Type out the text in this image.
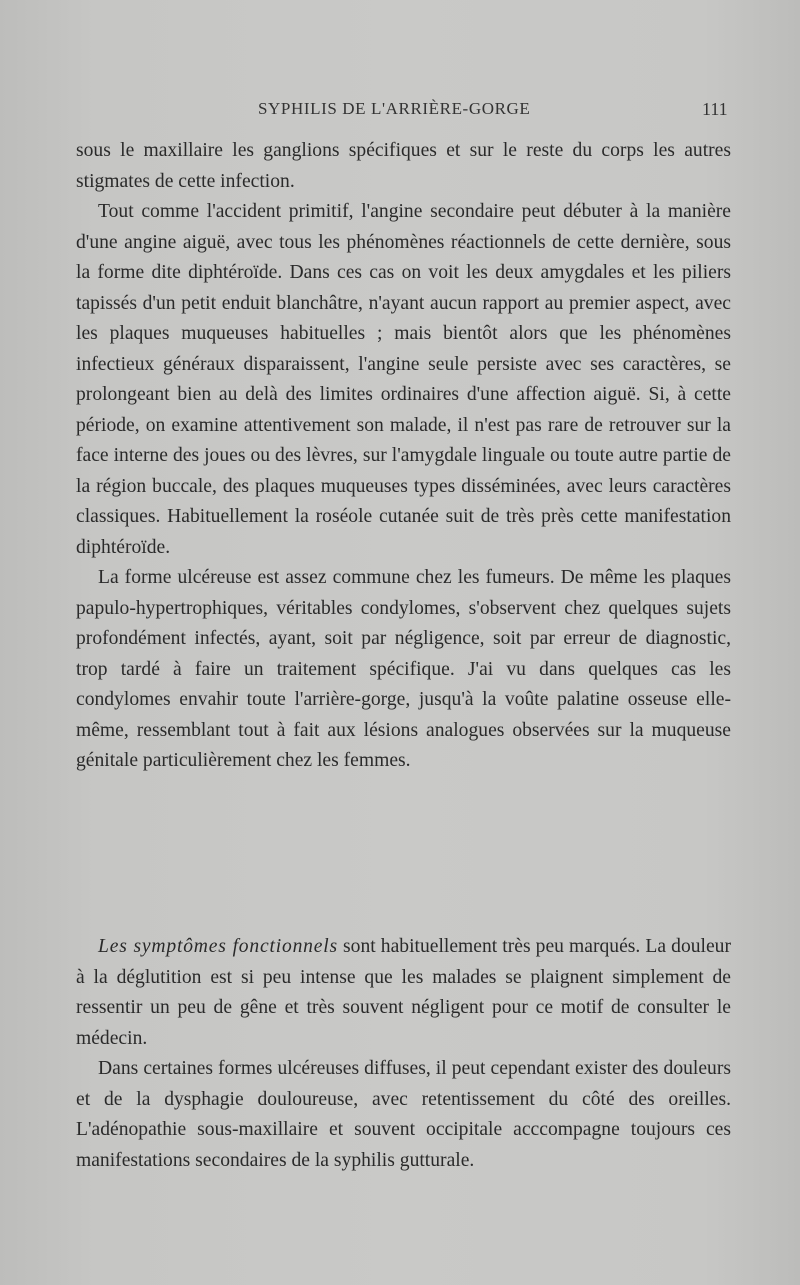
SYPHILIS DE L'ARRIÈRE-GORGE	111

sous le maxillaire les ganglions spécifiques et sur le reste du corps les autres stigmates de cette infection.

Tout comme l'accident primitif, l'angine secondaire peut débuter à la manière d'une angine aiguë, avec tous les phénomènes réactionnels de cette dernière, sous la forme dite diphtéroïde. Dans ces cas on voit les deux amygdales et les piliers tapissés d'un petit enduit blanchâtre, n'ayant aucun rapport au premier aspect, avec les plaques muqueuses habituelles ; mais bientôt alors que les phénomènes infectieux généraux disparaissent, l'angine seule persiste avec ses caractères, se prolongeant bien au delà des limites ordinaires d'une affection aiguë. Si, à cette période, on examine attentivement son malade, il n'est pas rare de retrouver sur la face interne des joues ou des lèvres, sur l'amygdale linguale ou toute autre partie de la région buccale, des plaques muqueuses types disséminées, avec leurs caractères classiques. Habituellement la roséole cutanée suit de très près cette manifestation diphtéroïde.

La forme ulcéreuse est assez commune chez les fumeurs. De même les plaques papulo-hypertrophiques, véritables condylomes, s'observent chez quelques sujets profondément infectés, ayant, soit par négligence, soit par erreur de diagnostic, trop tardé à faire un traitement spécifique. J'ai vu dans quelques cas les condylomes envahir toute l'arrière-gorge, jusqu'à la voûte palatine osseuse elle-même, ressemblant tout à fait aux lésions analogues observées sur la muqueuse génitale particulièrement chez les femmes.

Les symptômes fonctionnels sont habituellement très peu marqués. La douleur à la déglutition est si peu intense que les malades se plaignent simplement de ressentir un peu de gêne et très souvent négligent pour ce motif de consulter le médecin.

Dans certaines formes ulcéreuses diffuses, il peut cependant exister des douleurs et de la dysphagie douloureuse, avec retentissement du côté des oreilles. L'adénopathie sous-maxillaire et souvent occipitale acccompagne toujours ces manifestations secondaires de la syphilis gutturale.
